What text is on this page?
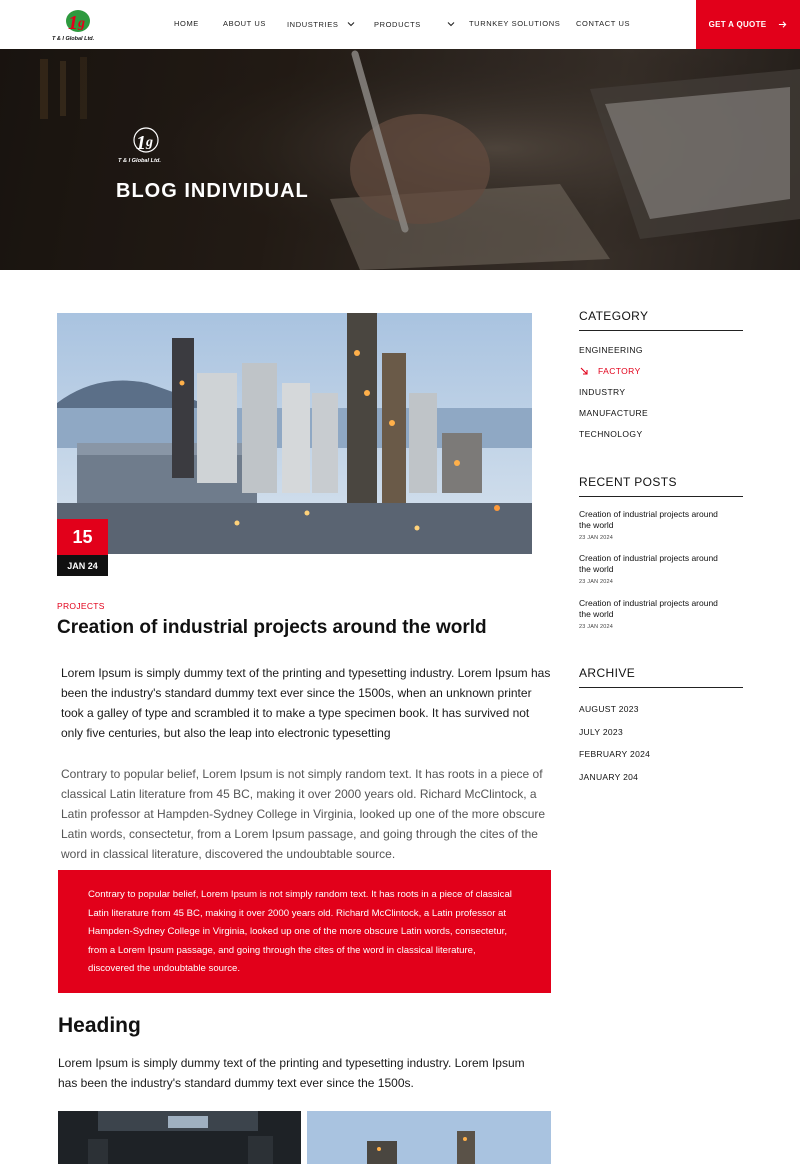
1 g
T & I Global Ltd.
HOME	ABOUT US	INDUSTRIES	PRODUCTS	TURNKEY SOLUTIONS CONTACT US	GET A QUOTE
1 g
T & I Global Ltd.
BLOG INDIVIDUAL
15
JAN 24
PROJECTS
Creation of industrial projects around the world

Lorem Ipsum is simply dummy text of the printing and typesetting industry. Lorem Ipsum has been the industry's standard dummy text ever since the 1500s, when an unknown printer took a galley of type and scrambled it to make a type specimen book. It has survived not only five centuries, but also the leap into electronic typesetting

Contrary to popular belief, Lorem Ipsum is not simply random text. It has roots in a piece of classical Latin literature from 45 BC, making it over 2000 years old. Richard McClintock, a Latin professor at Hampden-Sydney College in Virginia, looked up one of the more obscure Latin words, consectetur, from a Lorem Ipsum passage, and going through the cites of the word in classical literature, discovered the undoubtable source.

Contrary to popular belief, Lorem Ipsum is not simply random text. It has roots in a piece of classical Latin literature from 45 BC, making it over 2000 years old. Richard McClintock, a Latin professor at Hampden-Sydney College in Virginia, looked up one of the more obscure Latin words, consectetur, from a Lorem Ipsum passage, and going through the cites of the word in classical literature, discovered the undoubtable source.
Heading

Lorem Ipsum is simply dummy text of the printing and typesetting industry. Lorem Ipsum has been the industry's standard dummy text ever since the 1500s.

CATEGORY
ENGINEERING
FACTORY
INDUSTRY
MANUFACTURE
TECHNOLOGY
RECENT POSTS
Creation of industrial projects around the world
23 JAN 2024
Creation of industrial projects around the world
23 JAN 2024
Creation of industrial projects around the world
23 JAN 2024
ARCHIVE
AUGUST 2023
JULY 2023
FEBRUARY 2024
JANUARY 204
